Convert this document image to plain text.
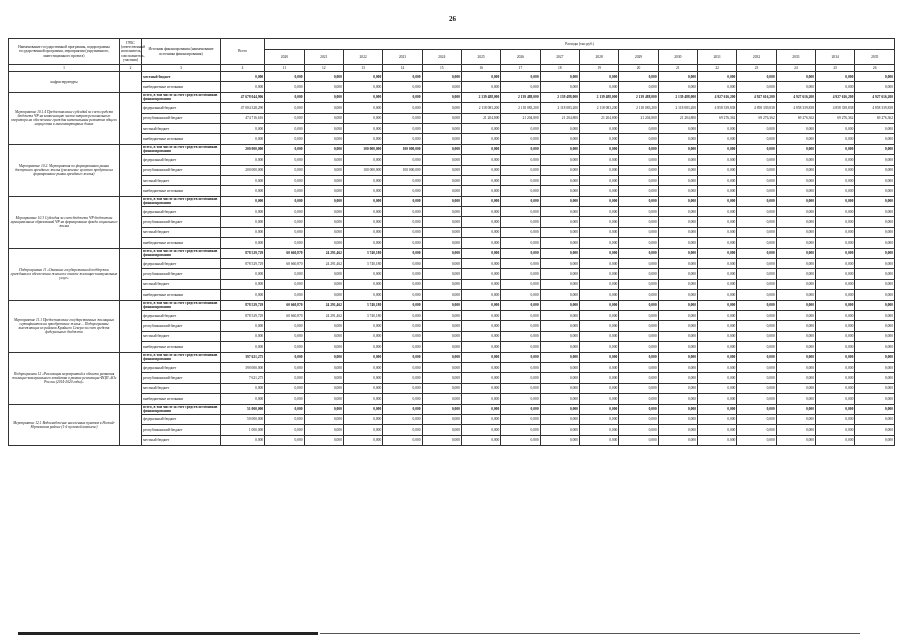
26
Наименование государственной программы, подпрограммы государственной программы, мероприятия (укрупненного, инвестиционного проекта)	ГРБС (ответственный исполнитель, соисполнитель, участник)	Источник финансирования (наименование источника финансирования)	Всего	Расходы (тыс.руб.)															
				2020	2021	2022	2023	2024	2025	2026	2027	2028	2029	2030	2031	2032	2033	2034	2035
1	2	3	4	11	12	13	14	15	16	17	18	19	20	21	22	23	24	25	26
инфраструктуры		местный бюджет	0,000	0,000	0,000	0,000	0,000	0,000	0,000	0,000	0,000	0,000	0,000	0,000	0,000	0,000	0,000	0,000	0,000
		внебюджетные источники	0,000	0,000	0,000	0,000	0,000	0,000	0,000	0,000	0,000	0,000	0,000	0,000	0,000	0,000	0,000	0,000	0,000
Мероприятие 10.1.4 Предоставление субсидий за счет средств бюджета ЧР на компенсацию части затрат регионального оператора на обеспечение граждан капитальным ремонтом общего имущества в многоквартирных домах		всего, в том числе за счет средств источников финансирования	47 678 044,906	0,000	0,000	0,000	0,000	0,000	2 139 488,000	2 139 488,000	2 139 488,000	2 139 488,000	2 139 488,000	2 139 488,000	4 927 616,200	4 927 616,200	4 927 616,200	4 927 616,200	4 927 616,200
		федеральный бюджет	47 004 328,290	0,000	0,000	0,000	0,000	0,000	2 118 083,200	2 118 083,200	2 118 083,200	2 118 083,200	2 118 083,200	2 118 083,200	4 858 339,838	4 858 339,838	4 858 339,838	4 858 339,838	4 858 339,838
		республиканский бюджет	474 716,616	0,000	0,000	0,000	0,000	0,000	21 204,800	21 204,800	21 204,800	21 204,800	21 204,800	21 204,800	69 276,362	69 276,362	69 276,362	69 276,362	69 276,362
		местный бюджет	0,000	0,000	0,000	0,000	0,000	0,000	0,000	0,000	0,000	0,000	0,000	0,000	0,000	0,000	0,000	0,000	0,000
		внебюджетные источники	0,000	0,000	0,000	0,000	0,000	0,000	0,000	0,000	0,000	0,000	0,000	0,000	0,000	0,000	0,000	0,000	0,000
Мероприятие 10.2. Мероприятия по формированию рынка доступного арендного жилья (увеличение целевого продукта на формирование рынка арендного жилья)		всего, в том числе за счет средств источников финансирования	200 000,000	0,000	0,000	100 000,000	100 000,000	0,000	0,000	0,000	0,000	0,000	0,000	0,000	0,000	0,000	0,000	0,000	0,000
		федеральный бюджет	0,000	0,000	0,000	0,000	0,000	0,000	0,000	0,000	0,000	0,000	0,000	0,000	0,000	0,000	0,000	0,000	0,000
		республиканский бюджет	200 000,000	0,000	0,000	100 000,000	100 000,000	0,000	0,000	0,000	0,000	0,000	0,000	0,000	0,000	0,000	0,000	0,000	0,000
		местный бюджет	0,000	0,000	0,000	0,000	0,000	0,000	0,000	0,000	0,000	0,000	0,000	0,000	0,000	0,000	0,000	0,000	0,000
		внебюджетные источники	0,000	0,000	0,000	0,000	0,000	0,000	0,000	0,000	0,000	0,000	0,000	0,000	0,000	0,000	0,000	0,000	0,000
Мероприятие 10.3 Субсидия за счет бюджета ЧР бюджетам муниципальных образований ЧР на формирование фонда социального жилья		всего, в том числе за счет средств источников финансирования	0,000	0,000	0,000	0,000	0,000	0,000	0,000	0,000	0,000	0,000	0,000	0,000	0,000	0,000	0,000	0,000	0,000
		федеральный бюджет	0,000	0,000	0,000	0,000	0,000	0,000	0,000	0,000	0,000	0,000	0,000	0,000	0,000	0,000	0,000	0,000	0,000
		республиканский бюджет	0,000	0,000	0,000	0,000	0,000	0,000	0,000	0,000	0,000	0,000	0,000	0,000	0,000	0,000	0,000	0,000	0,000
		местный бюджет	0,000	0,000	0,000	0,000	0,000	0,000	0,000	0,000	0,000	0,000	0,000	0,000	0,000	0,000	0,000	0,000	0,000
		внебюджетные источники	0,000	0,000	0,000	0,000	0,000	0,000	0,000	0,000	0,000	0,000	0,000	0,000	0,000	0,000	0,000	0,000	0,000
Подпрограмма 11 «Оказание государственной поддержки гражданам в обеспечении жильем и оплате жилищно-коммунальных услуг»		всего, в том числе за счет средств источников финансирования	878 529,729	60 660,870	24 291,462	3 740,180	0,000	0,000	0,000	0,000	0,000	0,000	0,000	0,000	0,000	0,000	0,000	0,000	0,000
		федеральный бюджет	878 529,729	60 660,870	24 291,462	3 740,180	0,000	0,000	0,000	0,000	0,000	0,000	0,000	0,000	0,000	0,000	0,000	0,000	0,000
		республиканский бюджет	0,000	0,000	0,000	0,000	0,000	0,000	0,000	0,000	0,000	0,000	0,000	0,000	0,000	0,000	0,000	0,000	0,000
		местный бюджет	0,000	0,000	0,000	0,000	0,000	0,000	0,000	0,000	0,000	0,000	0,000	0,000	0,000	0,000	0,000	0,000	0,000
		внебюджетные источники	0,000	0,000	0,000	0,000	0,000	0,000	0,000	0,000	0,000	0,000	0,000	0,000	0,000	0,000	0,000	0,000	0,000
Мероприятие 11.1 Предоставление государственных жилищных сертификатов на приобретение жилья ... Подпрограммы выезжающих из районов Крайнего Севера за счет средств федерального бюджета		всего, в том числе за счет средств источников финансирования	878 529,729	60 660,870	24 291,462	3 740,180	0,000	0,000	0,000	0,000	0,000	0,000	0,000	0,000	0,000	0,000	0,000	0,000	0,000
		федеральный бюджет	878 529,729	60 660,870	24 291,462	3 740,180	0,000	0,000	0,000	0,000	0,000	0,000	0,000	0,000	0,000	0,000	0,000	0,000	0,000
		республиканский бюджет	0,000	0,000	0,000	0,000	0,000	0,000	0,000	0,000	0,000	0,000	0,000	0,000	0,000	0,000	0,000	0,000	0,000
		местный бюджет	0,000	0,000	0,000	0,000	0,000	0,000	0,000	0,000	0,000	0,000	0,000	0,000	0,000	0,000	0,000	0,000	0,000
		внебюджетные источники	0,000	0,000	0,000	0,000	0,000	0,000	0,000	0,000	0,000	0,000	0,000	0,000	0,000	0,000	0,000	0,000	0,000
Подпрограмма 12 «Реализация мероприятий в области развития жилищно-коммунального хозяйства в рамках реализации ФЦП «Юг России (2014-2020 годы)»		всего, в том числе за счет средств источников финансирования	397 621,275	0,000	0,000	0,000	0,000	0,000	0,000	0,000	0,000	0,000	0,000	0,000	0,000	0,000	0,000	0,000	0,000
		федеральный бюджет	390 000,000	0,000	0,000	0,000	0,000	0,000	0,000	0,000	0,000	0,000	0,000	0,000	0,000	0,000	0,000	0,000	0,000
		республиканский бюджет	7 621,275	0,000	0,000	0,000	0,000	0,000	0,000	0,000	0,000	0,000	0,000	0,000	0,000	0,000	0,000	0,000	0,000
		местный бюджет	0,000	0,000	0,000	0,000	0,000	0,000	0,000	0,000	0,000	0,000	0,000	0,000	0,000	0,000	0,000	0,000	0,000
		внебюджетные источники	0,000	0,000	0,000	0,000	0,000	0,000	0,000	0,000	0,000	0,000	0,000	0,000	0,000	0,000	0,000	0,000	0,000
Мероприятие 12.1 Водоснабжение населенных пунктов в Ножай-Юртовском районе (1-й пусковой комплекс)		всего, в том числе за счет средств источников финансирования	51 000,000	0,000	0,000	0,000	0,000	0,000	0,000	0,000	0,000	0,000	0,000	0,000	0,000	0,000	0,000	0,000	0,000
		федеральный бюджет	50 000,000	0,000	0,000	0,000	0,000	0,000	0,000	0,000	0,000	0,000	0,000	0,000	0,000	0,000	0,000	0,000	0,000
		республиканский бюджет	1 000,000	0,000	0,000	0,000	0,000	0,000	0,000	0,000	0,000	0,000	0,000	0,000	0,000	0,000	0,000	0,000	0,000
		местный бюджет	0,000	0,000	0,000	0,000	0,000	0,000	0,000	0,000	0,000	0,000	0,000	0,000	0,000	0,000	0,000	0,000	0,000
